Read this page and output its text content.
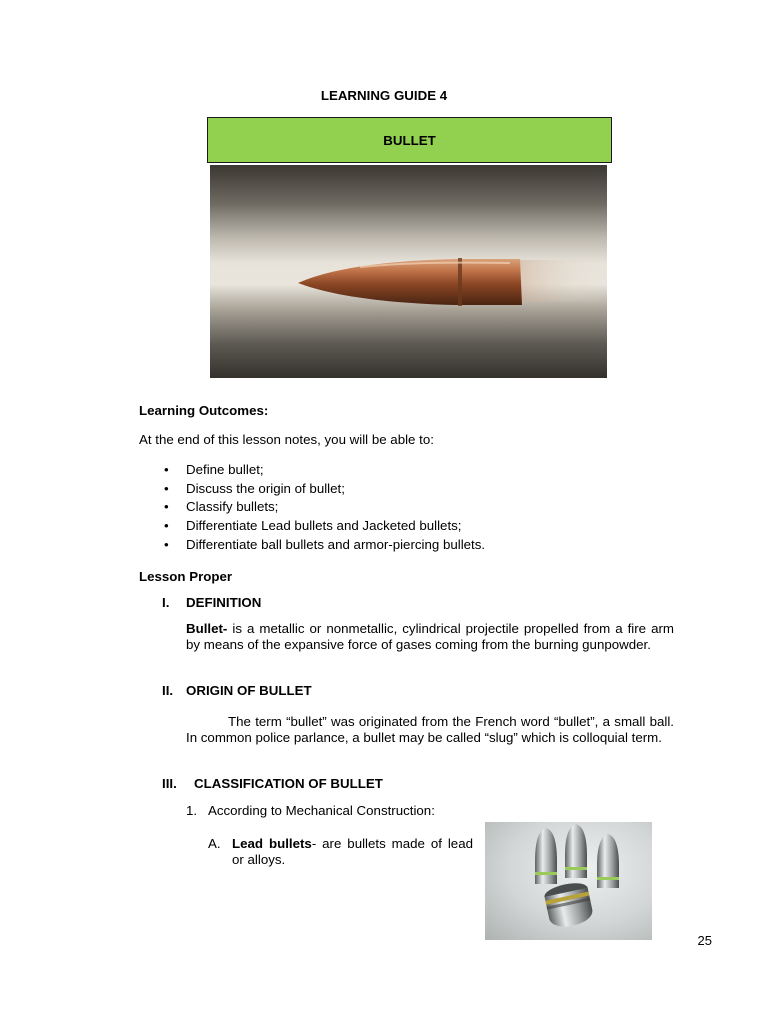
LEARNING GUIDE 4
BULLET
Learning Outcomes:
At the end of this lesson notes, you will be able to:
• Define bullet;
• Discuss the origin of bullet;
• Classify bullets;
• Differentiate Lead bullets and Jacketed bullets;
• Differentiate ball bullets and armor-piercing bullets.
Lesson Proper
I. DEFINITION
Bullet- is a metallic or nonmetallic, cylindrical projectile propelled from a fire arm by means of the expansive force of gases coming from the burning gunpowder.
II. ORIGIN OF BULLET
The term “bullet” was originated from the French word “bullet”, a small ball. In common police parlance, a bullet may be called “slug” which is colloquial term.
III. CLASSIFICATION OF BULLET
1. According to Mechanical Construction:
A. Lead bullets- are bullets made of lead or alloys.
25
